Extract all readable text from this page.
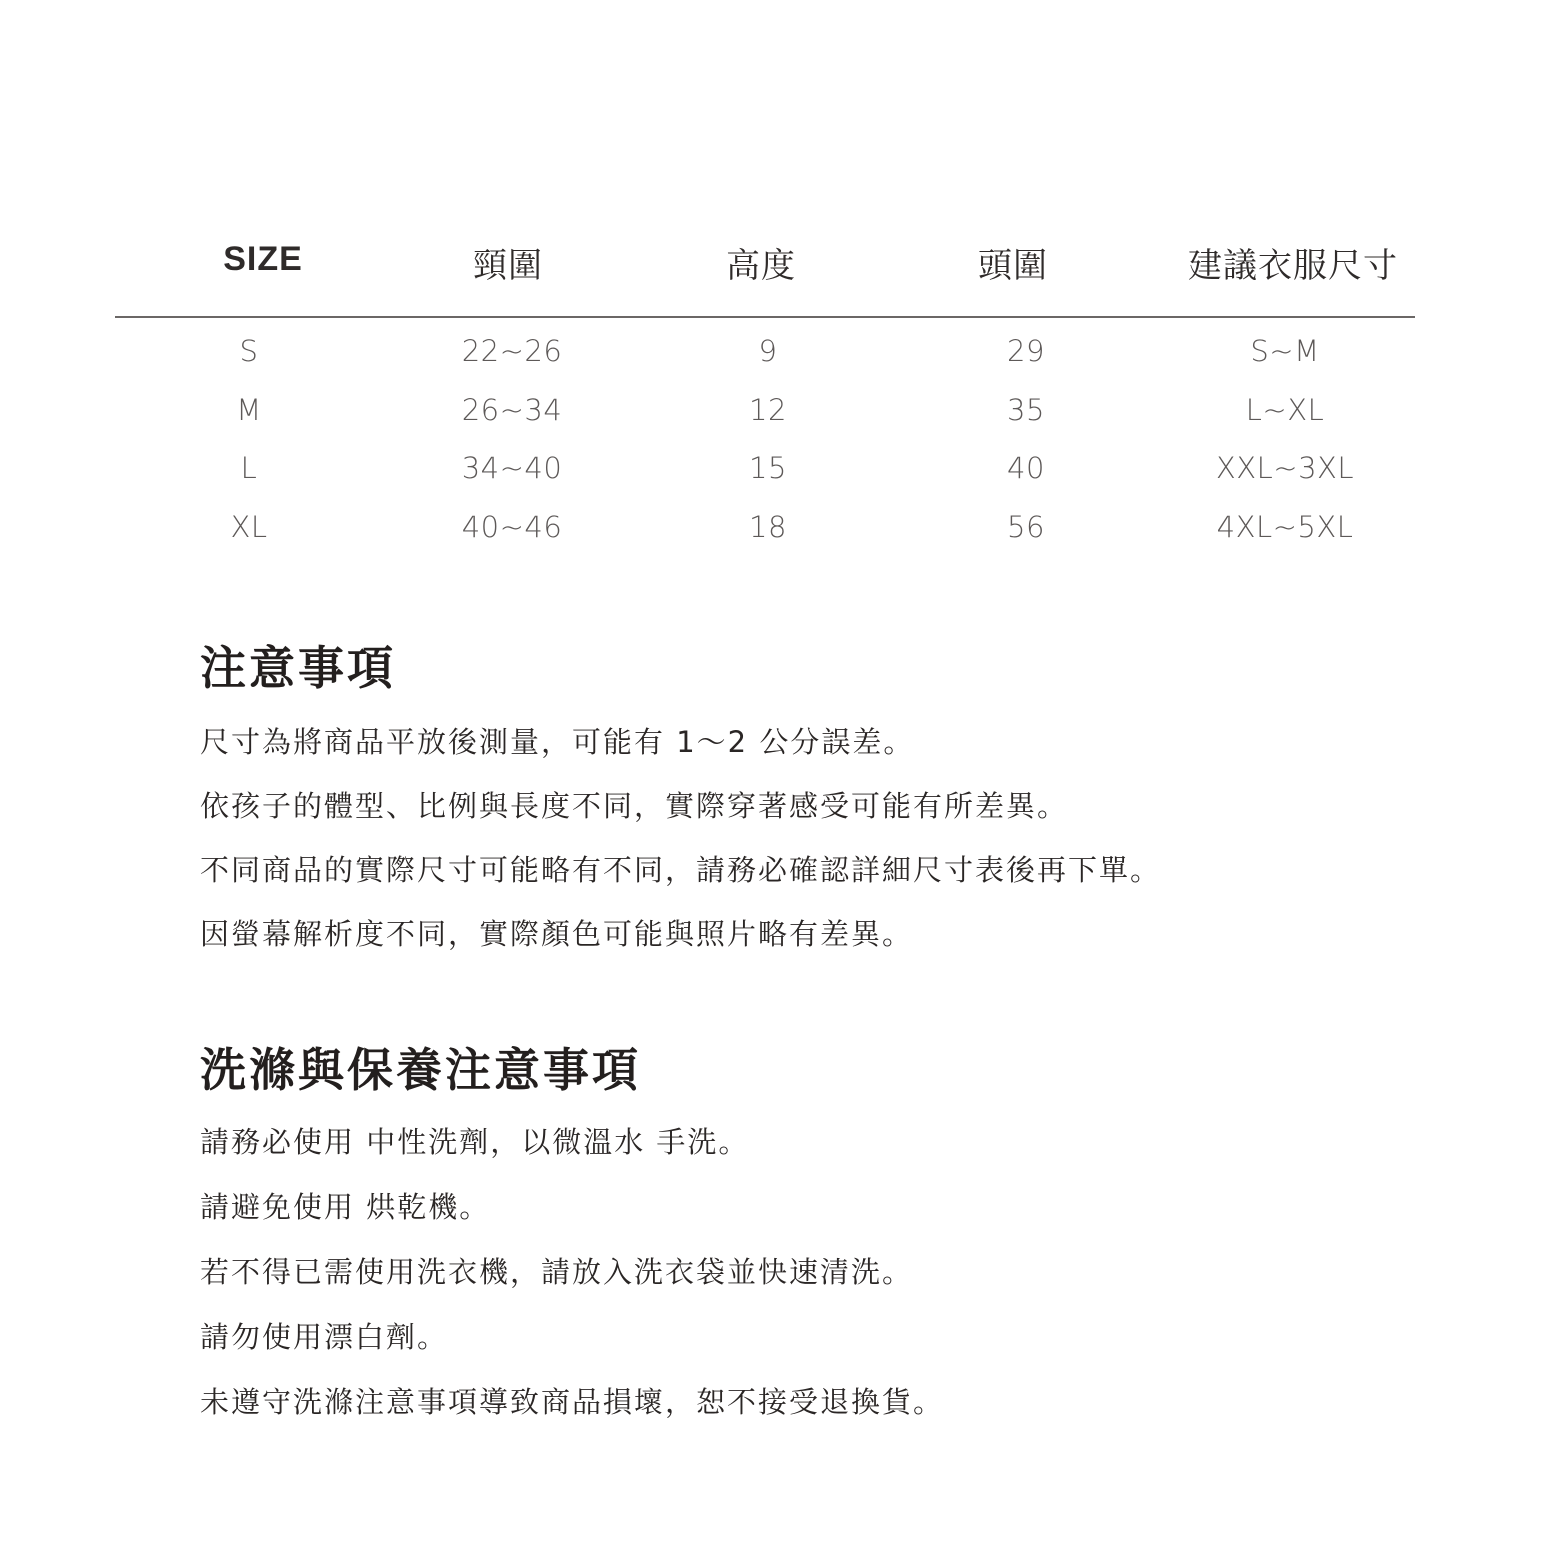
SIZE	頸圍	高度	頭圍	建議衣服尺寸
S	22~26	9	29	S~M
M	26~34	12	35	L~XL
L	34~40	15	40	XXL~3XL
XL	40~46	18	56	4XL~5XL
注意事項
尺寸為將商品平放後測量，可能有 1～2 公分誤差。
依孩子的體型、比例與長度不同，實際穿著感受可能有所差異。
不同商品的實際尺寸可能略有不同，請務必確認詳細尺寸表後再下單。
因螢幕解析度不同，實際顏色可能與照片略有差異。
洗滌與保養注意事項
請務必使用 中性洗劑，以微溫水 手洗。
請避免使用 烘乾機。
若不得已需使用洗衣機，請放入洗衣袋並快速清洗。
請勿使用漂白劑。
未遵守洗滌注意事項導致商品損壞，恕不接受退換貨。
